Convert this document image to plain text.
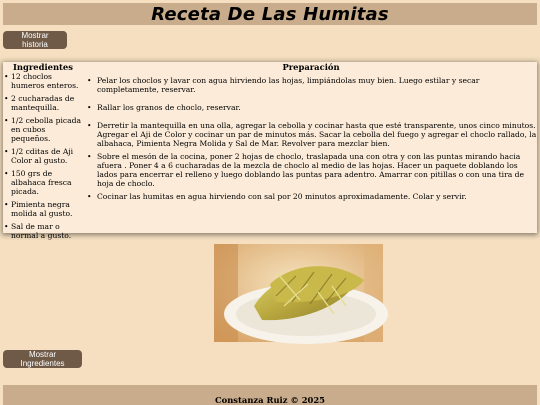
Receta De Las Humitas
Mostrar historia
Ingredientes
• 12 choclos humeros enteros.
• 2 cucharadas de mantequilla.
• 1/2 cebolla picada en cubos pequeños.
• 1/2 cditas de Aji Color al gusto.
• 150 grs de albahaca fresca picada.
• Pimienta negra molida al gusto.
• Sal de mar o normal a gusto.
Preparación
• Pelar los choclos y lavar con agua hirviendo las hojas, limpiándolas muy bien. Luego estilar y secar completamente, reservar.
• Rallar los granos de choclo, reservar.
• Derretir la mantequilla en una olla, agregar la cebolla y cocinar hasta que esté transparente, unos cinco minutos. Agregar el Aji de Color y cocinar un par de minutos más. Sacar la cebolla del fuego y agregar el choclo rallado, la albahaca, Pimienta Negra Molida y Sal de Mar. Revolver para mezclar bien.
• Sobre el mesón de la cocina, poner 2 hojas de choclo, traslapada una con otra y con las puntas mirando hacia afuera . Poner 4 a 6 cucharadas de la mezcla de choclo al medio de las hojas. Hacer un paquete doblando los lados para encerrar el relleno y luego doblando las puntas para adentro. Amarrar con pitillas o con una tira de hoja de choclo.
• Cocinar las humitas en agua hirviendo con sal por 20 minutos aproximadamente. Colar y servir.
Mostrar Ingredientes
Constanza Ruiz © 2025
